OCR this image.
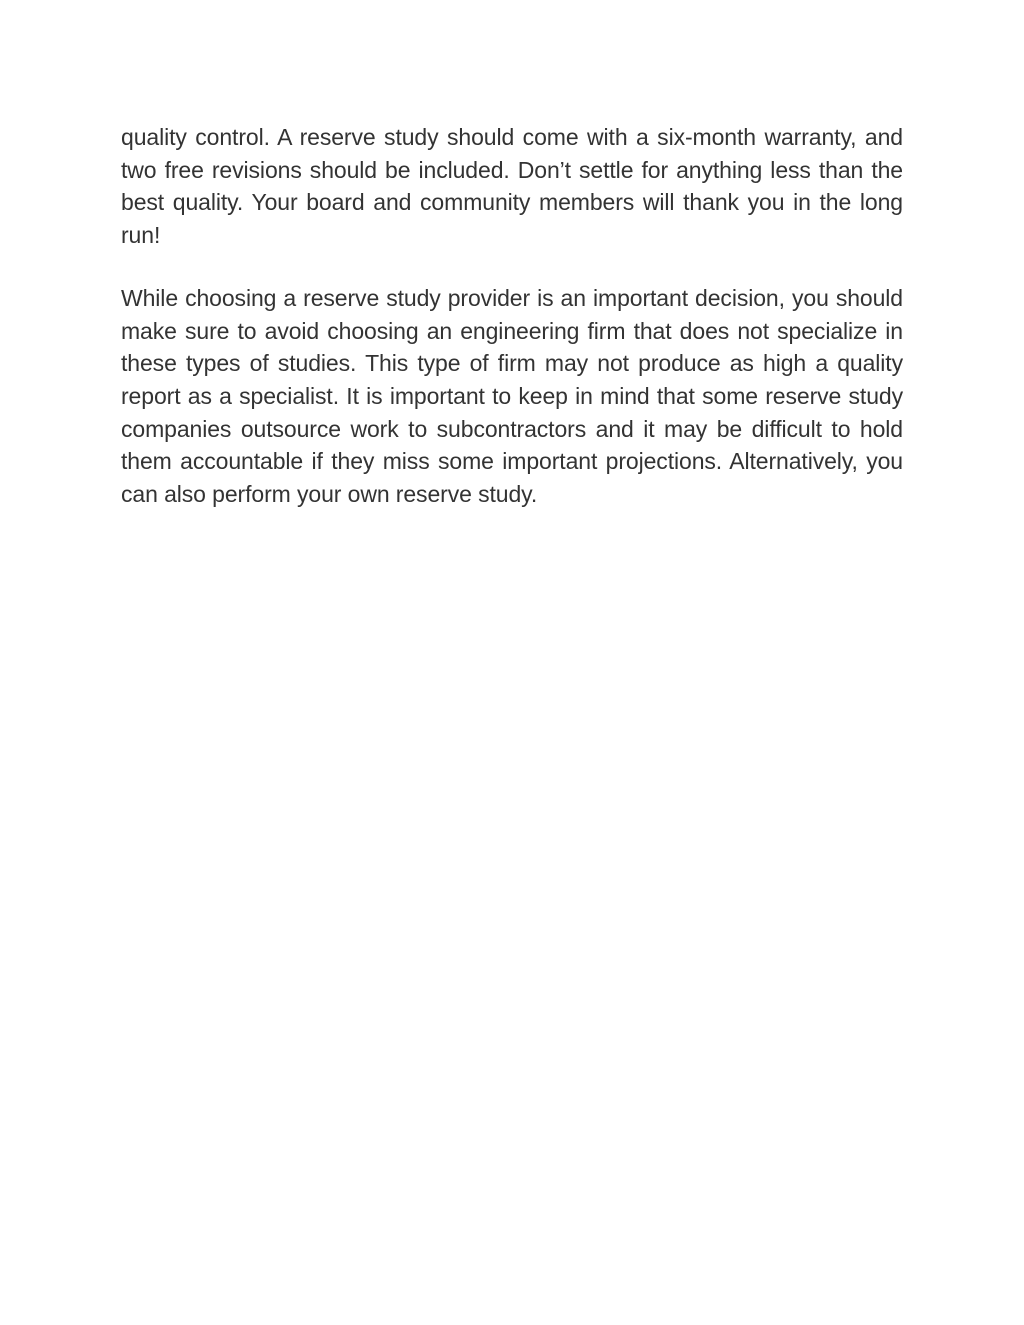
quality control. A reserve study should come with a six-month warranty, and two free revisions should be included. Don’t settle for anything less than the best quality. Your board and community members will thank you in the long run!

While choosing a reserve study provider is an important decision, you should make sure to avoid choosing an engineering firm that does not specialize in these types of studies. This type of firm may not produce as high a quality report as a specialist. It is important to keep in mind that some reserve study companies outsource work to subcontractors and it may be difficult to hold them accountable if they miss some important projections. Alternatively, you can also perform your own reserve study.
